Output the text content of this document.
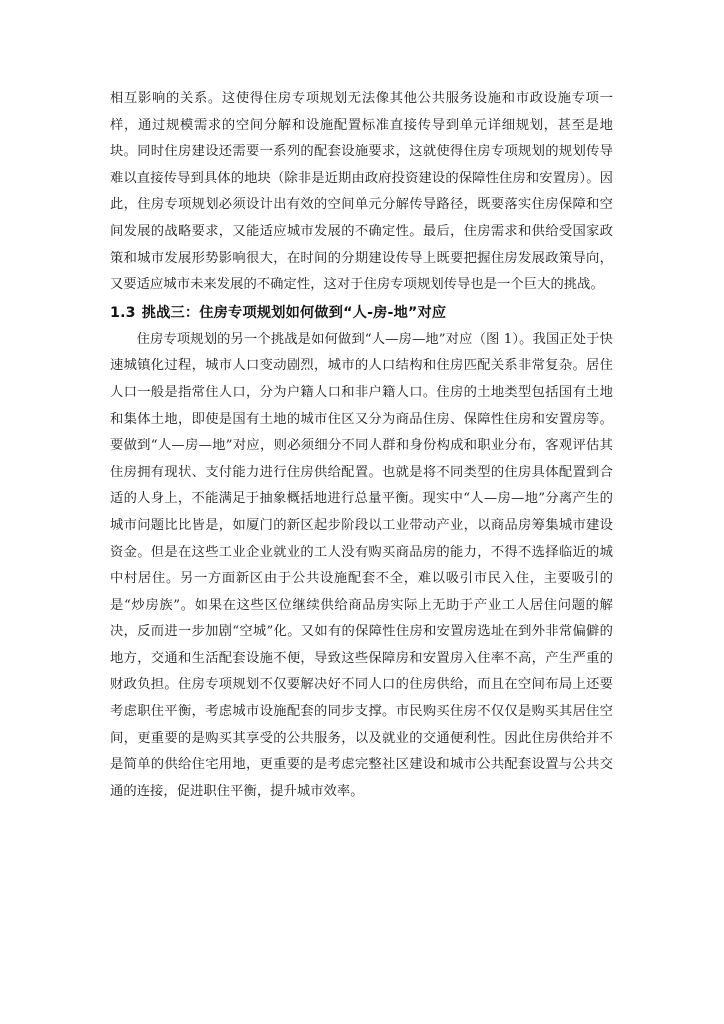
相互影响的关系。这使得住房专项规划无法像其他公共服务设施和市政设施专项一样，通过规模需求的空间分解和设施配置标准直接传导到单元详细规划，甚至是地块。同时住房建设还需要一系列的配套设施要求，这就使得住房专项规划的规划传导难以直接传导到具体的地块（除非是近期由政府投资建设的保障性住房和安置房）。因此，住房专项规划必须设计出有效的空间单元分解传导路径，既要落实住房保障和空间发展的战略要求，又能适应城市发展的不确定性。最后，住房需求和供给受国家政策和城市发展形势影响很大，在时间的分期建设传导上既要把握住房发展政策导向，又要适应城市未来发展的不确定性，这对于住房专项规划传导也是一个巨大的挑战。

1.3 挑战三：住房专项规划如何做到“人-房-地”对应

住房专项规划的另一个挑战是如何做到“人—房—地”对应（图 1）。我国正处于快速城镇化过程，城市人口变动剧烈，城市的人口结构和住房匹配关系非常复杂。居住人口一般是指常住人口，分为户籍人口和非户籍人口。住房的土地类型包括国有土地和集体土地，即使是国有土地的城市住区又分为商品住房、保障性住房和安置房等。要做到“人—房—地”对应，则必须细分不同人群和身份构成和职业分布，客观评估其住房拥有现状、支付能力进行住房供给配置。也就是将不同类型的住房具体配置到合适的人身上，不能满足于抽象概括地进行总量平衡。现实中“人—房—地”分离产生的城市问题比比皆是，如厦门的新区起步阶段以工业带动产业，以商品房筹集城市建设资金。但是在这些工业企业就业的工人没有购买商品房的能力，不得不选择临近的城中村居住。另一方面新区由于公共设施配套不全，难以吸引市民入住，主要吸引的是“炒房族”。如果在这些区位继续供给商品房实际上无助于产业工人居住问题的解决，反而进一步加剧“空城”化。又如有的保障性住房和安置房选址在到外非常偏僻的地方，交通和生活配套设施不便，导致这些保障房和安置房入住率不高，产生严重的财政负担。住房专项规划不仅要解决好不同人口的住房供给，而且在空间布局上还要考虑职住平衡，考虑城市设施配套的同步支撑。市民购买住房不仅仅是购买其居住空间，更重要的是购买其享受的公共服务，以及就业的交通便利性。因此住房供给并不是简单的供给住宅用地，更重要的是考虑完整社区建设和城市公共配套设置与公共交通的连接，促进职住平衡，提升城市效率。
